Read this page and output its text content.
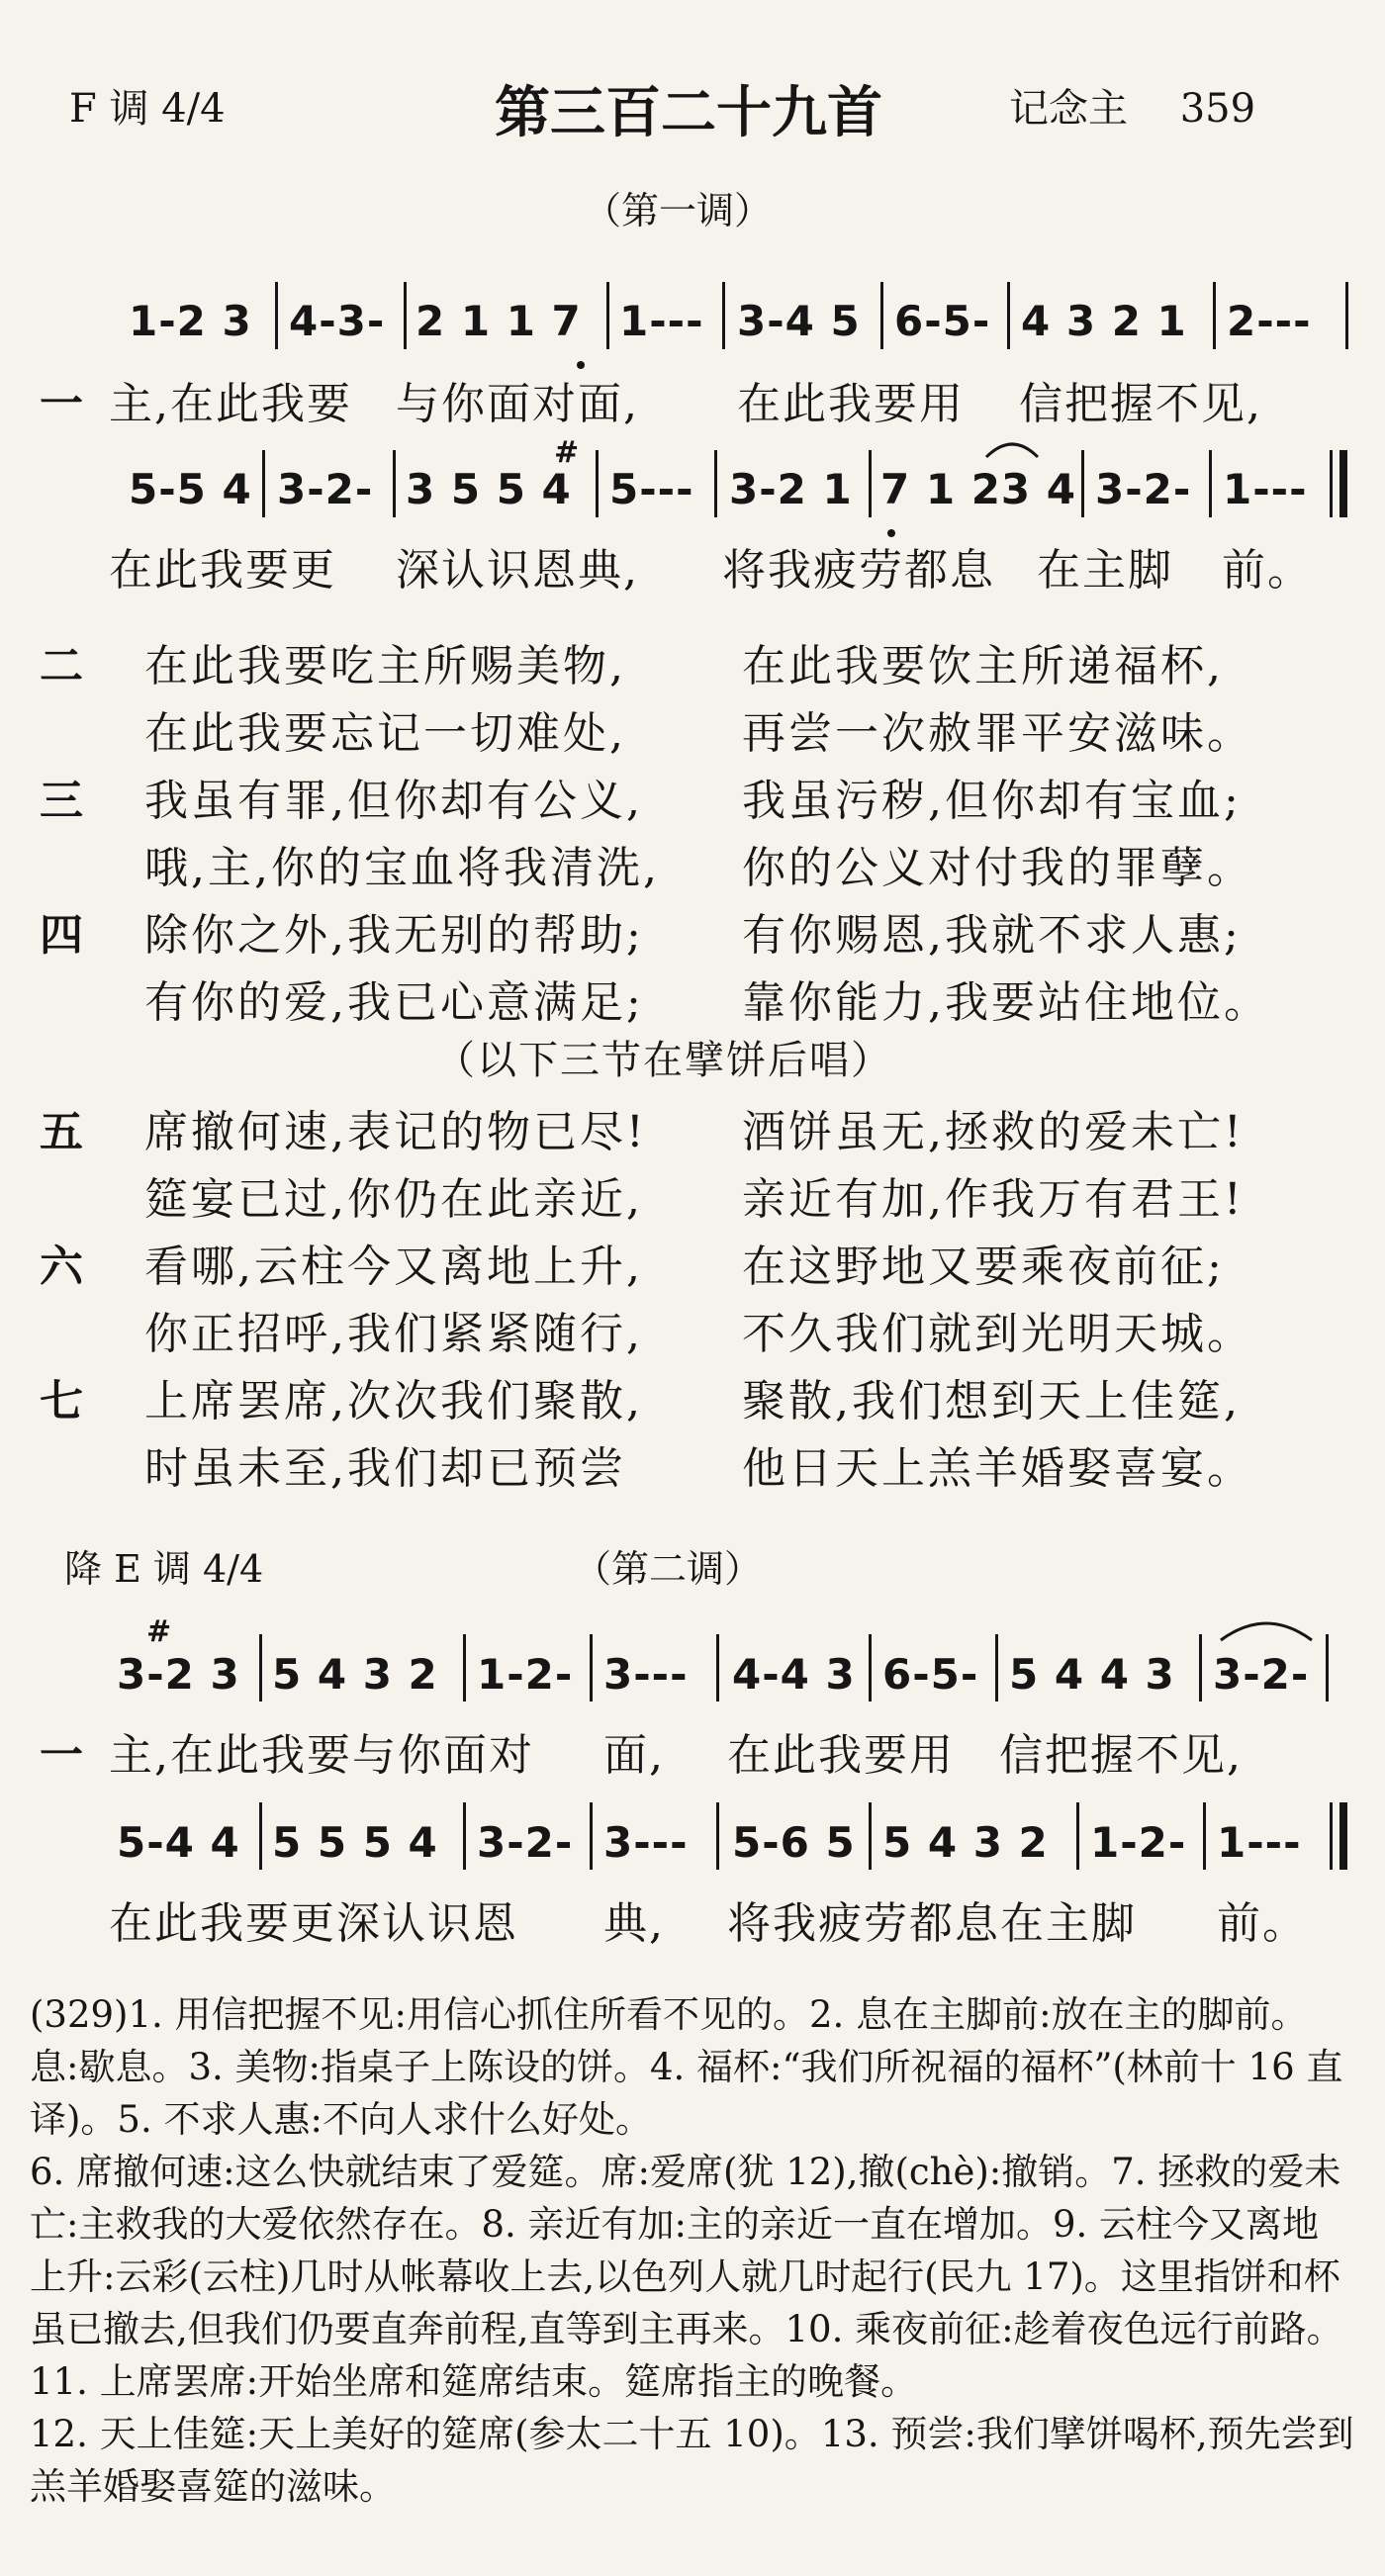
F 调 4/4	第三百二十九首	记念主 359
（第一调）
1-2 3 4-3- 2 1 1 7 1--- 3-4 5 6-5- 4 3 2 1 2---
一 主,在此我要 与你面对面, 在此我要用 信把握不见,
5-5 4 3-2- 3 5 5 4
#
5--- 3-2 1 7 1 23 4 3-2- 1---
在此我要更 深认识恩典, 将我疲劳都息 在主脚 前。
二 在此我要吃主所赐美物,	在此我要饮主所递福杯,
在此我要忘记一切难处,	再尝一次赦罪平安滋味。
三 我虽有罪,但你却有公义, 我虽污秽,但你却有宝血;
哦,主,你的宝血将我清洗, 你的公义对付我的罪孽。
四 除你之外,我无别的帮助; 有你赐恩,我就不求人惠;
有你的爱,我已心意满足; 靠你能力,我要站住地位。
（以下三节在擘饼后唱）
五 席撤何速,表记的物已尽! 酒饼虽无,拯救的爱未亡!
筵宴已过,你仍在此亲近, 亲近有加,作我万有君王!
六 看哪,云柱今又离地上升, 在这野地又要乘夜前征;
你正招呼,我们紧紧随行, 不久我们就到光明天城。
七 上席罢席,次次我们聚散, 聚散,我们想到天上佳筵,
时虽未至,我们却已预尝	他日天上羔羊婚娶喜宴。
降 E 调 4/4	（第二调）
#
3-2 3 5 4 3 2 1-2- 3--- 4-4 3 6-5- 5 4 4 3 3-2-
一 主,在此我要与你面对 面, 在此我要用 信把握不见,
5-4 4 5 5 5 4 3-2- 3--- 5-6 5 5 4 3 2 1-2- 1---
在此我要更深认识恩 典, 将我疲劳都息在主脚 前。

(329)1. 用信把握不见:用信心抓住所看不见的。2. 息在主脚前:放在主的脚前。息:歇息。3. 美物:指桌子上陈设的饼。4. 福杯:“我们所祝福的福杯”(林前十 16 直译)。5. 不求人惠:不向人求什么好处。

6. 席撤何速:这么快就结束了爱筵。席:爱席(犹 12),撤(chè):撤销。7. 拯救的爱未亡:主救我的大爱依然存在。8. 亲近有加:主的亲近一直在增加。9. 云柱今又离地上升:云彩(云柱)几时从帐幕收上去,以色列人就几时起行(民九 17)。这里指饼和杯虽已撤去,但我们仍要直奔前程,直等到主再来。10. 乘夜前征:趁着夜色远行前路。11. 上席罢席:开始坐席和筵席结束。筵席指主的晚餐。

12. 天上佳筵:天上美好的筵席(参太二十五 10)。13. 预尝:我们擘饼喝杯,预先尝到羔羊婚娶喜筵的滋味。
